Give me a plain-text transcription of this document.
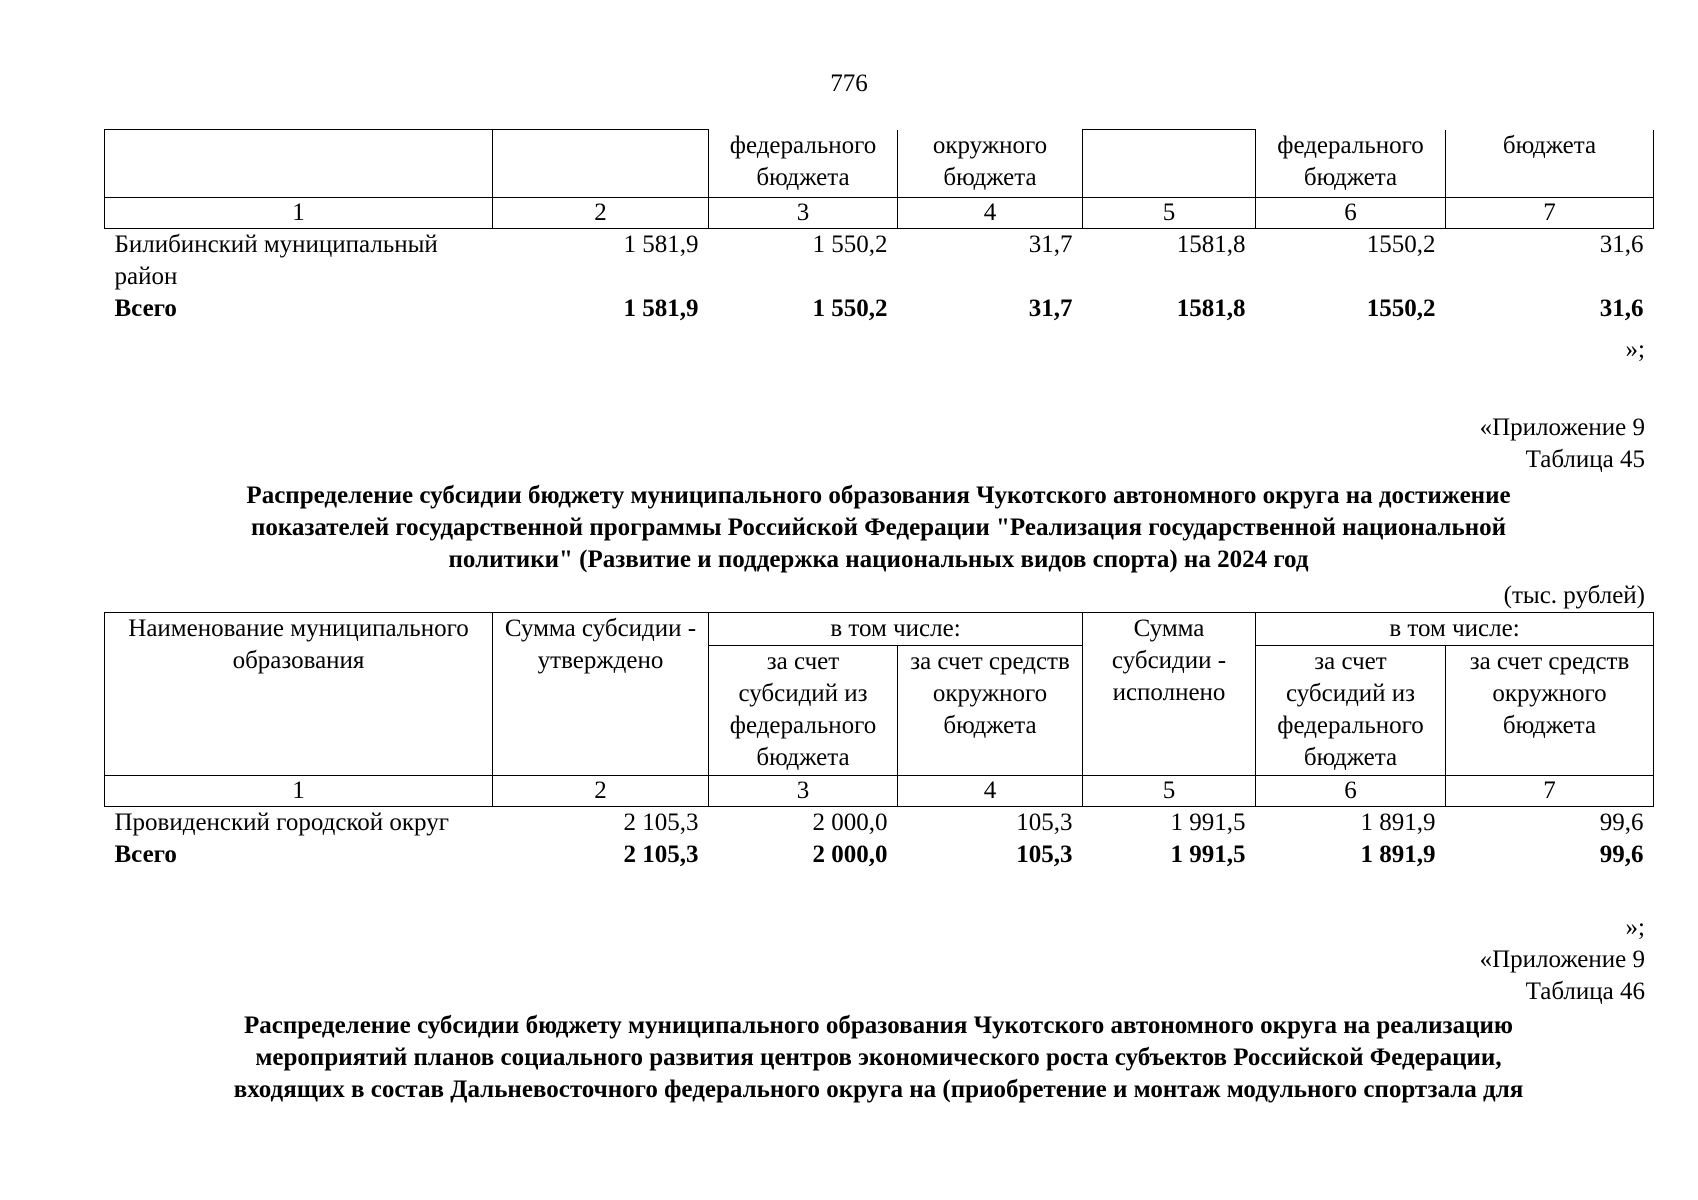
776
		федерального бюджета	окружного бюджета		федерального бюджета	бюджета
1	2	3	4	5	6	7
Билибинский муниципальный район	1 581,9	1 550,2	31,7	1581,8	1550,2	31,6
Всего	1 581,9	1 550,2	31,7	1581,8	1550,2	31,6
»;
«Приложение 9
Таблица 45
Распределение субсидии бюджету муниципального образования Чукотского автономного округа на достижение
показателей государственной программы Российской Федерации "Реализация государственной национальной
политики" (Развитие и поддержка национальных видов спорта) на 2024 год
(тыс. рублей)
Наименование муниципального образования	Сумма субсидии - утверждено	в том числе:		Сумма субсидии - исполнено	в том числе:	
		за счет субсидий из федерального бюджета	за счет средств окружного бюджета		за счет субсидий из федерального бюджета	за счет средств окружного бюджета
1	2	3	4	5	6	7
Провиденский городской округ	2 105,3	2 000,0	105,3	1 991,5	1 891,9	99,6
Всего	2 105,3	2 000,0	105,3	1 991,5	1 891,9	99,6
»;
«Приложение 9
Таблица 46
Распределение субсидии бюджету муниципального образования Чукотского автономного округа на реализацию
мероприятий планов социального развития центров экономического роста субъектов Российской Федерации,
входящих в состав Дальневосточного федерального округа на (приобретение и монтаж модульного спортзала для
